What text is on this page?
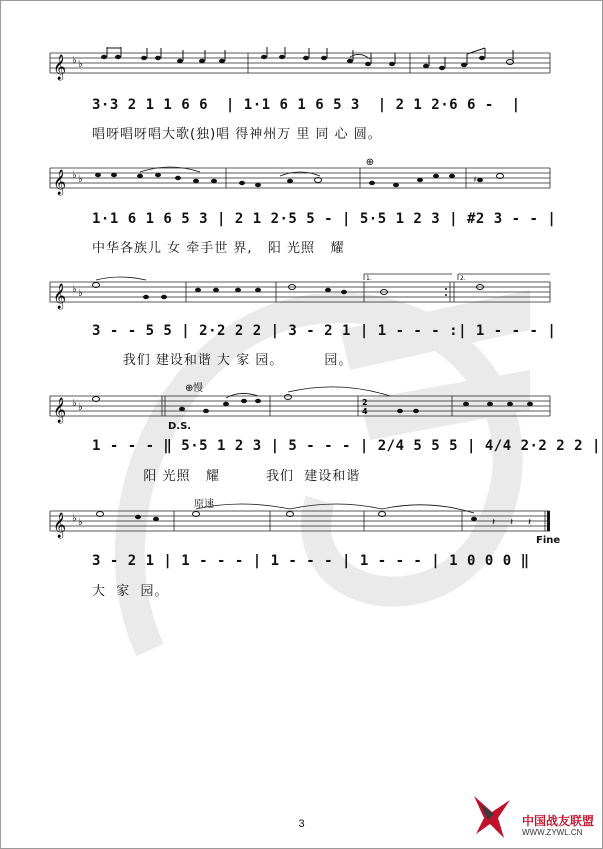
𝄞 ♭ ♭
3·3 2 1 1 6 6  | 1·1 6 1 6 5 3  | 2 1 2·6 6 -  |
唱呀唱呀唱大歌(独)唱 得神州万 里 同 心 圆。
𝄞 ♭ ♭	♯
⊕
1·1 6 1 6 5 3 | 2 1 2·5 5 - | 5·5 1 2 3 | #2 3 - - |
中华各族儿 女 牵手世 界,   阳 光照   耀
𝄞 ♭ ♭
1.	2.
3 - - 5 5 | 2·2 2 2 | 3 - 2 1 | 1 - - - :| 1 - - - |
我们 建设和谐 大 家 园。        园。
慢
D.S.
𝄞 ♭ ♭
⊕
2
4
1 - - - ‖ 5·5 1 2 3 | 5 - - - | 2/4 5 5 5 | 4/4 2·2 2 2 |
阳 光照   耀         我们  建设和谐
原速
Fine
𝄞 ♭ ♭	𝄽 𝄽 𝄽
3 - 2 1 | 1 - - - | 1 - - - | 1 - - - | 1 0 0 0 ‖
大  家  园。
3	中国战友联盟
WWW.ZYWL.CN
